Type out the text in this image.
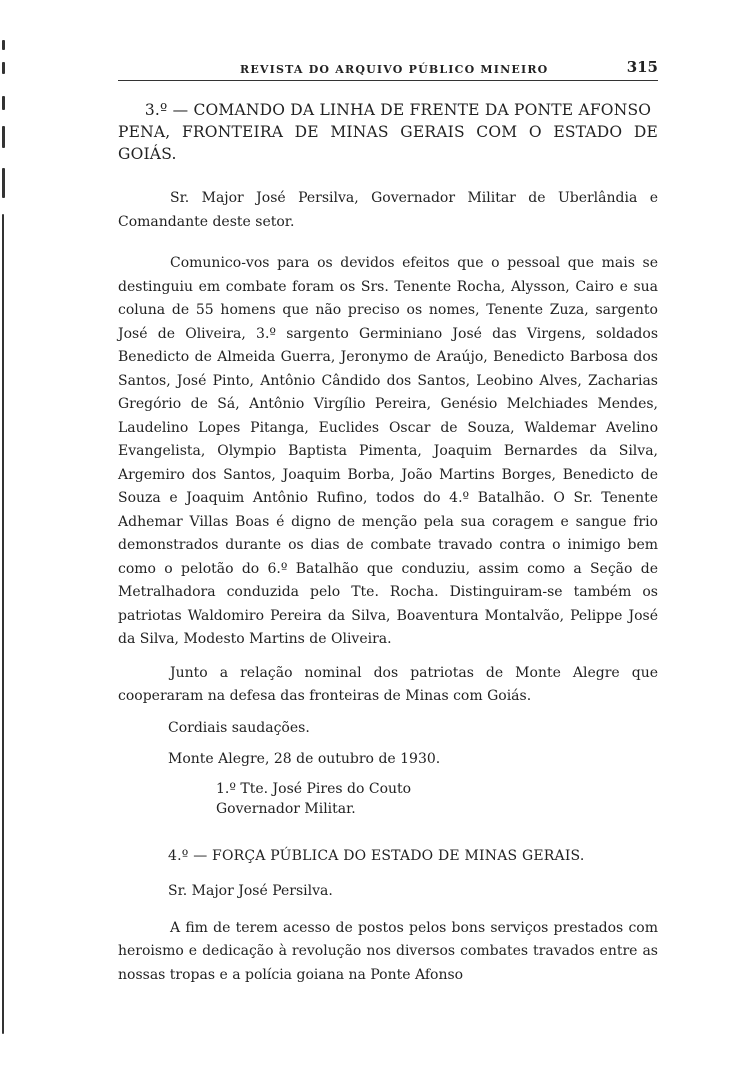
REVISTA DO ARQUIVO PÚBLICO MINEIRO	315
3.º — COMANDO DA LINHA DE FRENTE DA PONTE AFONSO
PENA, FRONTEIRA DE MINAS GERAIS COM O ESTADO DE GOIÁS.

Sr. Major José Persilva, Governador Militar de Uberlândia e Comandante deste setor.

Comunico-vos para os devidos efeitos que o pessoal que mais se destinguiu em combate foram os Srs. Tenente Rocha, Alysson, Cairo e sua coluna de 55 homens que não preciso os nomes, Tenente Zuza, sargento José de Oliveira, 3.º sargento Germiniano José das Virgens, soldados Benedicto de Almeida Guerra, Jeronymo de Araújo, Benedicto Barbosa dos Santos, José Pinto, Antônio Cândido dos Santos, Leobino Alves, Zacharias Gregório de Sá, Antônio Virgílio Pereira, Genésio Melchiades Mendes, Laudelino Lopes Pitanga, Euclides Oscar de Souza, Waldemar Avelino Evangelista, Olympio Baptista Pimenta, Joaquim Bernardes da Silva, Argemiro dos Santos, Joaquim Borba, João Martins Borges, Benedicto de Souza e Joaquim Antônio Rufino, todos do 4.º Batalhão. O Sr. Tenente Adhemar Villas Boas é digno de menção pela sua coragem e sangue frio demonstrados durante os dias de combate travado contra o inimigo bem como o pelotão do 6.º Batalhão que conduziu, assim como a Seção de Metralhadora conduzida pelo Tte. Rocha. Distinguiram-se também os patriotas Waldomiro Pereira da Silva, Boaventura Montalvão, Pelippe José da Silva, Modesto Martins de Oliveira.

Junto a relação nominal dos patriotas de Monte Alegre que cooperaram na defesa das fronteiras de Minas com Goiás.

Cordiais saudações.
Monte Alegre, 28 de outubro de 1930.
1.º Tte. José Pires do Couto
Governador Militar.
4.º — FORÇA PÚBLICA DO ESTADO DE MINAS GERAIS.
Sr. Major José Persilva.

A fim de terem acesso de postos pelos bons serviços prestados com heroismo e dedicação à revolução nos diversos combates travados entre as nossas tropas e a polícia goiana na Ponte Afonso
